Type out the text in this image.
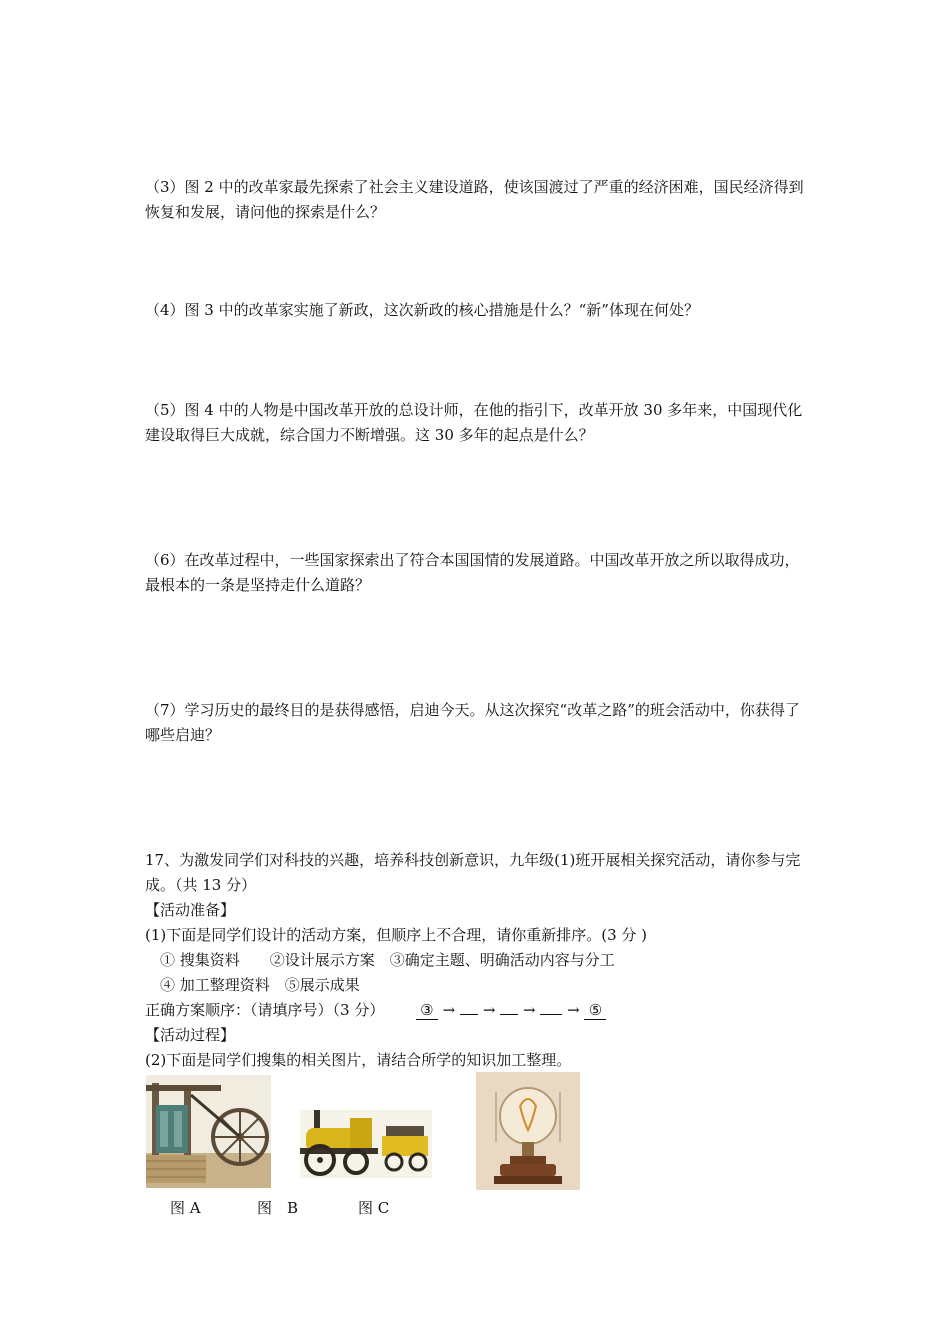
（3）图 2 中的改革家最先探索了社会主义建设道路，使该国渡过了严重的经济困难，国民经济得到恢复和发展，请问他的探索是什么？

（4）图 3 中的改革家实施了新政，这次新政的核心措施是什么？“新”体现在何处？

（5）图 4 中的人物是中国改革开放的总设计师，在他的指引下，改革开放 30 多年来，中国现代化建设取得巨大成就，综合国力不断增强。这 30 多年的起点是什么？

（6）在改革过程中，一些国家探索出了符合本国国情的发展道路。中国改革开放之所以取得成功，最根本的一条是坚持走什么道路？

（7）学习历史的最终目的是获得感悟，启迪今天。从这次探究“改革之路”的班会活动中，你获得了哪些启迪？

17、为激发同学们对科技的兴趣，培养科技创新意识，九年级(1)班开展相关探究活动，请你参与完成。（共 13 分）

【活动准备】

(1)下面是同学们设计的活动方案，但顺序上不合理，请你重新排序。(3 分 )

① 搜集资料　　②设计展示方案　③确定主题、明确活动内容与分工

④ 加工整理资料　⑤展示成果

正确方案顺序：（请填序号）（3 分） ③ → → → → ⑤

【活动过程】

(2)下面是同学们搜集的相关图片，请结合所学的知识加工整理。

图 A	图　B	图 C
